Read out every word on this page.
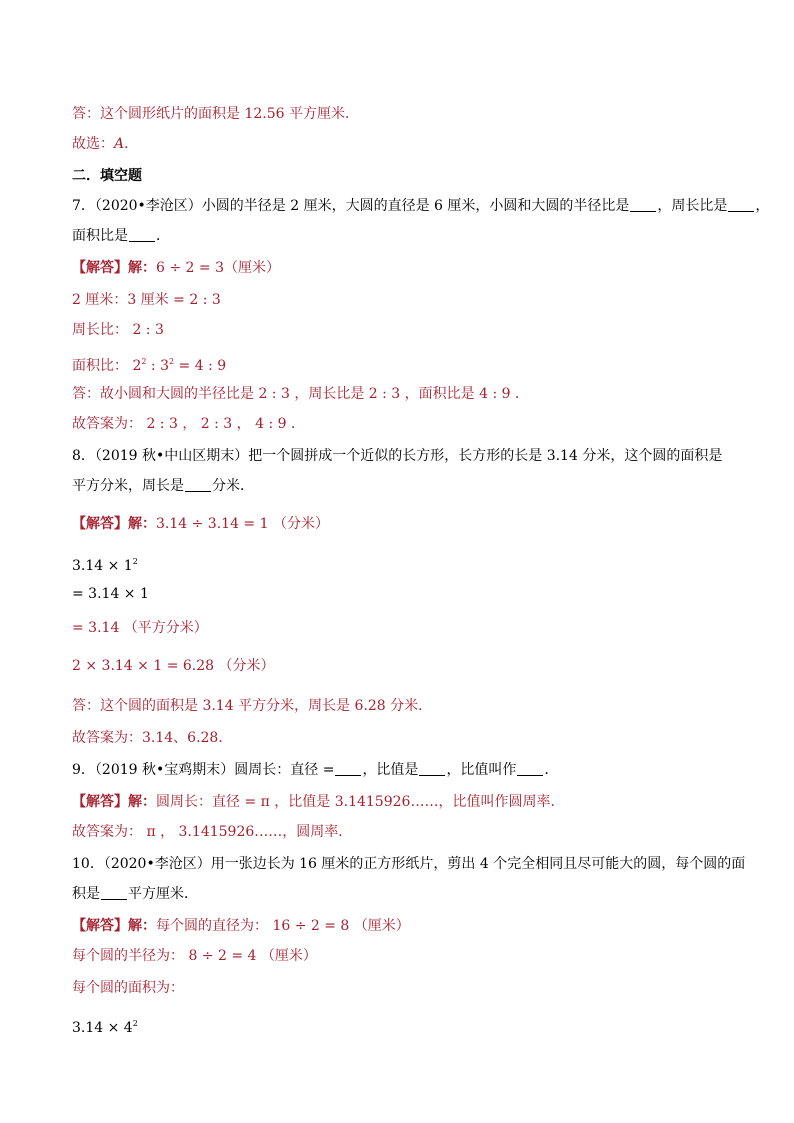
答：这个圆形纸片的面积是 12.56 平方厘米．
故选：A．
二．填空题
7．（2020•李沧区）小圆的半径是 2 厘米，大圆的直径是 6 厘米，小圆和大圆的半径比是 ，周长比是 ，
面积比是 ．
【解答】解：6 ÷ 2 = 3（厘米）
2 厘米：3 厘米 = 2 : 3
周长比： 2 : 3
面积比： $2^2$ : $3^2 = 4$ : 9
答：故小圆和大圆的半径比是 2 : 3 ，周长比是 2 : 3 ，面积比是 4 : 9 ．
故答案为： 2 : 3 ， 2 : 3 ， 4 : 9 ．
8．（2019 秋•中山区期末）把一个圆拼成一个近似的长方形，长方形的长是 3.14 分米，这个圆的面积是
平方分米，周长是 分米．
【解答】解：3.14 ÷ 3.14 = 1 （分米）
$3.14 \times 1^2$
= 3.14 × 1
= 3.14 （平方分米）
2 × 3.14 × 1 = 6.28 （分米）
答：这个圆的面积是 3.14 平方分米，周长是 6.28 分米．
故答案为：3.14、6.28．
9．（2019 秋•宝鸡期末）圆周长：直径 = ，比值是 ，比值叫作 ．
【解答】解：圆周长：直径 = π ，比值是 3.1415926……，比值叫作圆周率．
故答案为： π ， 3.1415926……，圆周率．
10．（2020•李沧区）用一张边长为 16 厘米的正方形纸片，剪出 4 个完全相同且尽可能大的圆，每个圆的面
积是 平方厘米．
【解答】解：每个圆的直径为： 16 ÷ 2 = 8 （厘米）
每个圆的半径为： 8 ÷ 2 = 4 （厘米）
每个圆的面积为：
$3.14 \times 4^2$
